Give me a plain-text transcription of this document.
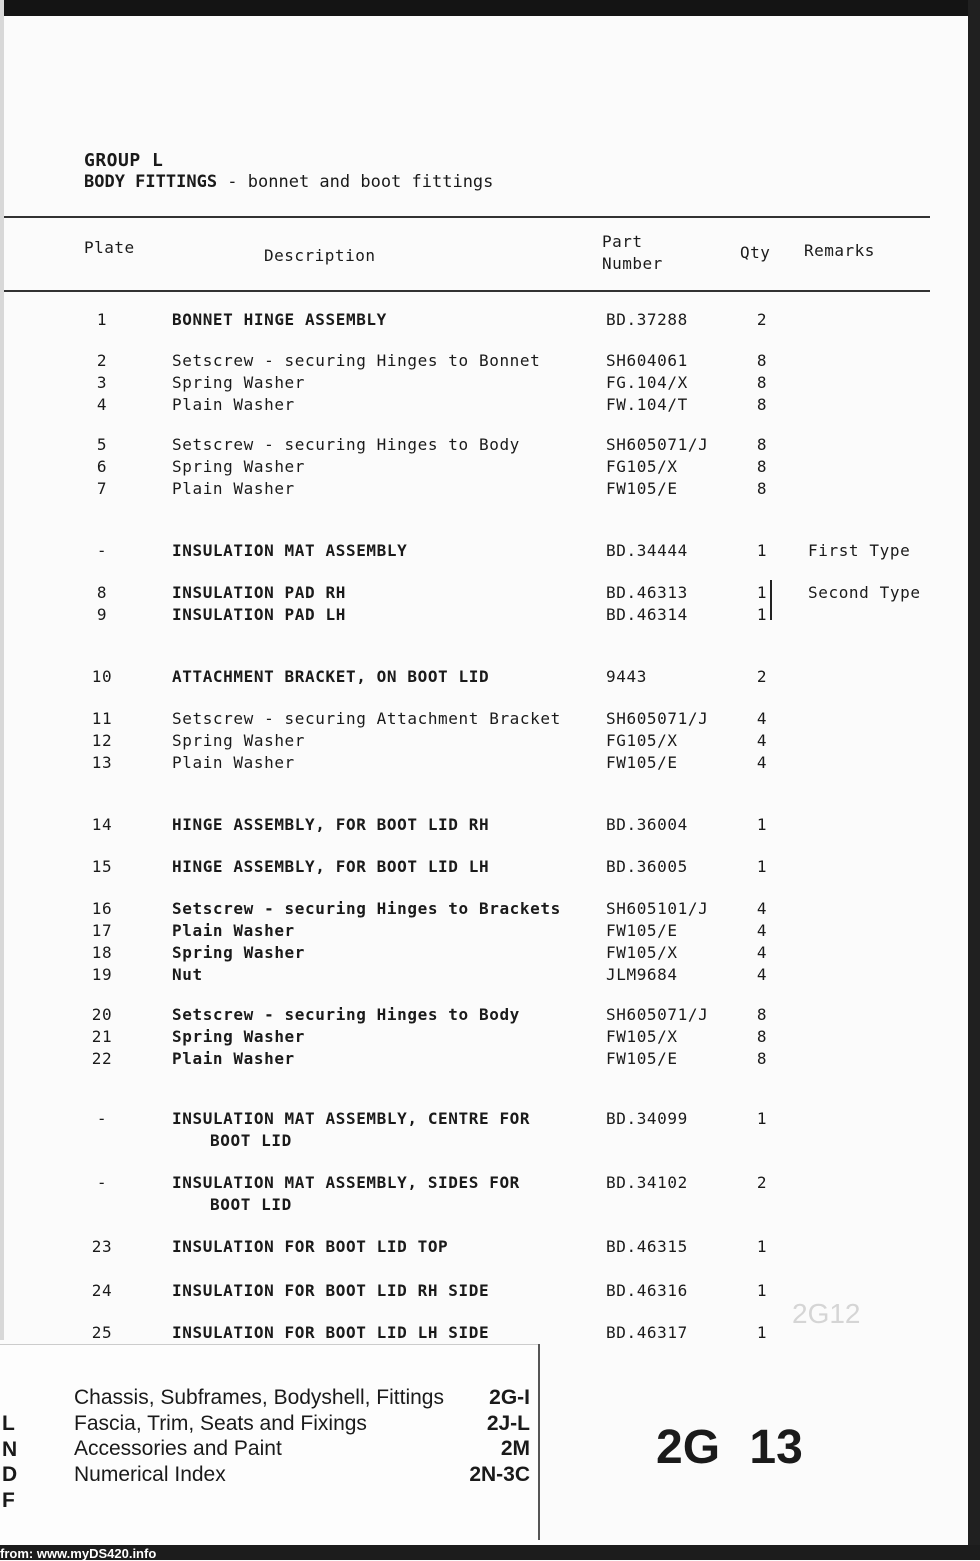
GROUP L
BODY FITTINGS - bonnet and boot fittings
Plate	Description
Part
Number
Qty Remarks
1	BONNET HINGE ASSEMBLY	BD.37288	2
2	Setscrew - securing Hinges to Bonnet	SH604061	8
3	Spring Washer	FG.104/X	8
4	Plain Washer	FW.104/T	8
5	Setscrew - securing Hinges to Body	SH605071/J	8
6	Spring Washer	FG105/X	8
7	Plain Washer	FW105/E	8
-	INSULATION MAT ASSEMBLY	BD.34444	1	First Type
8	INSULATION PAD RH	BD.46313	1	Second Type
9	INSULATION PAD LH	BD.46314	1
10	ATTACHMENT BRACKET, ON BOOT LID	9443	2
11	Setscrew - securing Attachment Bracket	SH605071/J	4
12	Spring Washer	FG105/X	4
13	Plain Washer	FW105/E	4
14	HINGE ASSEMBLY, FOR BOOT LID RH	BD.36004	1
15	HINGE ASSEMBLY, FOR BOOT LID LH	BD.36005	1
16	Setscrew - securing Hinges to Brackets	SH605101/J	4
17	Plain Washer	FW105/E	4
18	Spring Washer	FW105/X	4
19	Nut	JLM9684	4
20	Setscrew - securing Hinges to Body	SH605071/J	8
21	Spring Washer	FW105/X	8
22	Plain Washer	FW105/E	8
-	INSULATION MAT ASSEMBLY, CENTRE FOR	BD.34099	1
BOOT LID
-	INSULATION MAT ASSEMBLY, SIDES FOR	BD.34102	2
BOOT LID
23	INSULATION FOR BOOT LID TOP	BD.46315	1
24	INSULATION FOR BOOT LID RH SIDE	BD.46316	1
25	INSULATION FOR BOOT LID LH SIDE	BD.46317	1
2G12
L
Chassis, Subframes, Bodyshell, Fittings	2G-I
N
Fascia, Trim, Seats and Fixings	2J-L
D
Accessories and Paint	2M
F
Numerical Index	2N-3C
2G 13
from: www.myDS420.info
